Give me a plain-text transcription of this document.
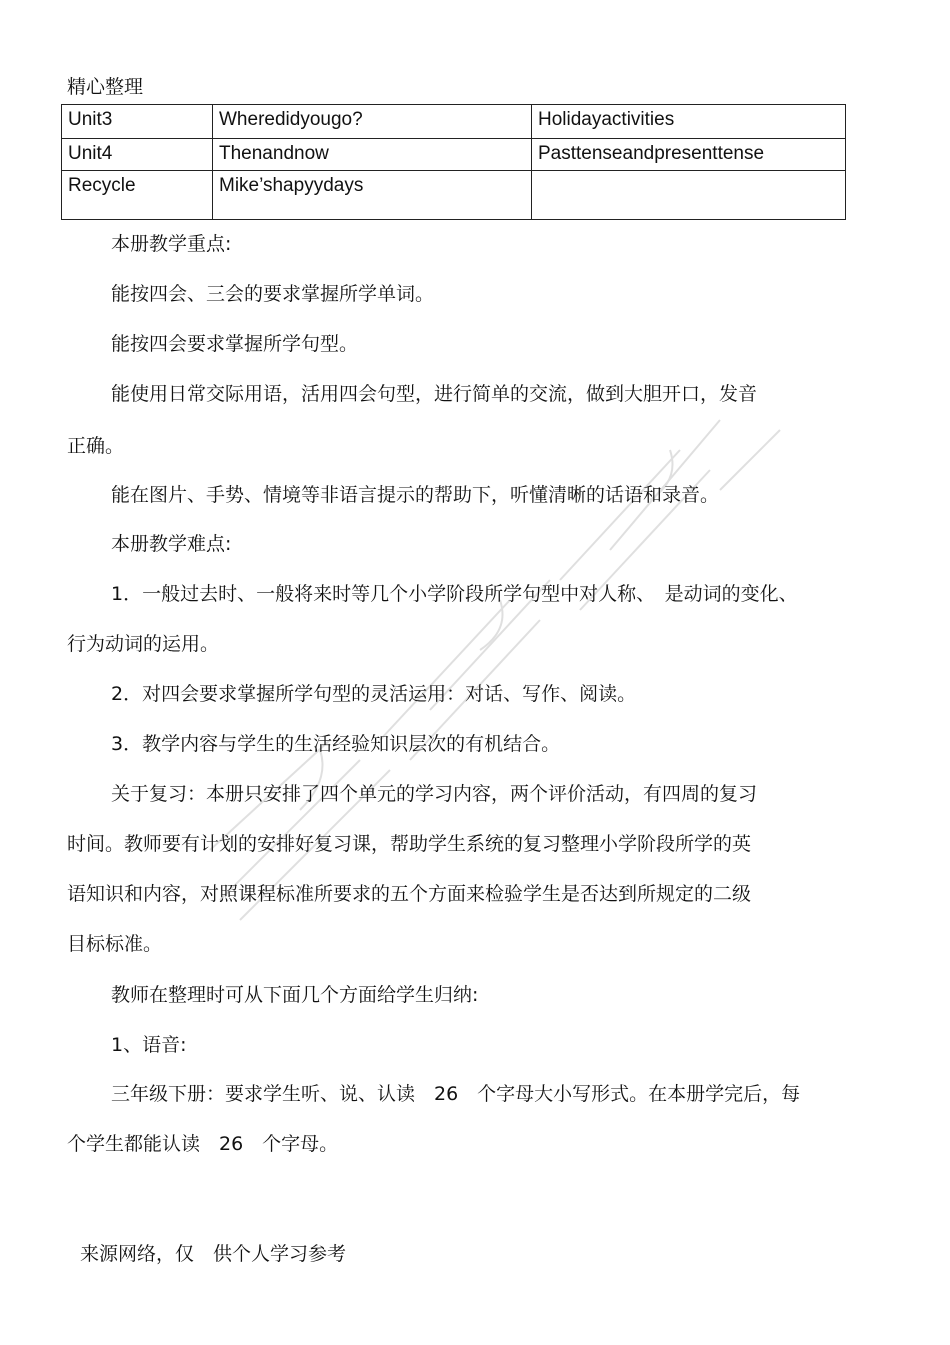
精心整理
Unit3	Wheredidyougo?	Holidayactivities
Unit4	Thenandnow	Pasttenseandpresenttense
Recycle	Mike’shapyydays	
本册教学重点:
能按四会、三会的要求掌握所学单词。
能按四会要求掌握所学句型。
能使用日常交际用语，活用四会句型，进行简单的交流，做到大胆开口，发音
正确。
能在图片、手势、情境等非语言提示的帮助下，听懂清晰的话语和录音。
本册教学难点:
1．一般过去时、一般将来时等几个小学阶段所学句型中对人称、　是动词的变化、
行为动词的运用。
2．对四会要求掌握所学句型的灵活运用：对话、写作、阅读。
3．教学内容与学生的生活经验知识层次的有机结合。
关于复习：本册只安排了四个单元的学习内容，两个评价活动，有四周的复习
时间。教师要有计划的安排好复习课，帮助学生系统的复习整理小学阶段所学的英
语知识和内容，对照课程标准所要求的五个方面来检验学生是否达到所规定的二级
目标标准。
教师在整理时可从下面几个方面给学生归纳:
1、语音:
三年级下册：要求学生听、说、认读　26　个字母大小写形式。在本册学完后，每
个学生都能认读　26　个字母。
来源网络，仅　供个人学习参考
